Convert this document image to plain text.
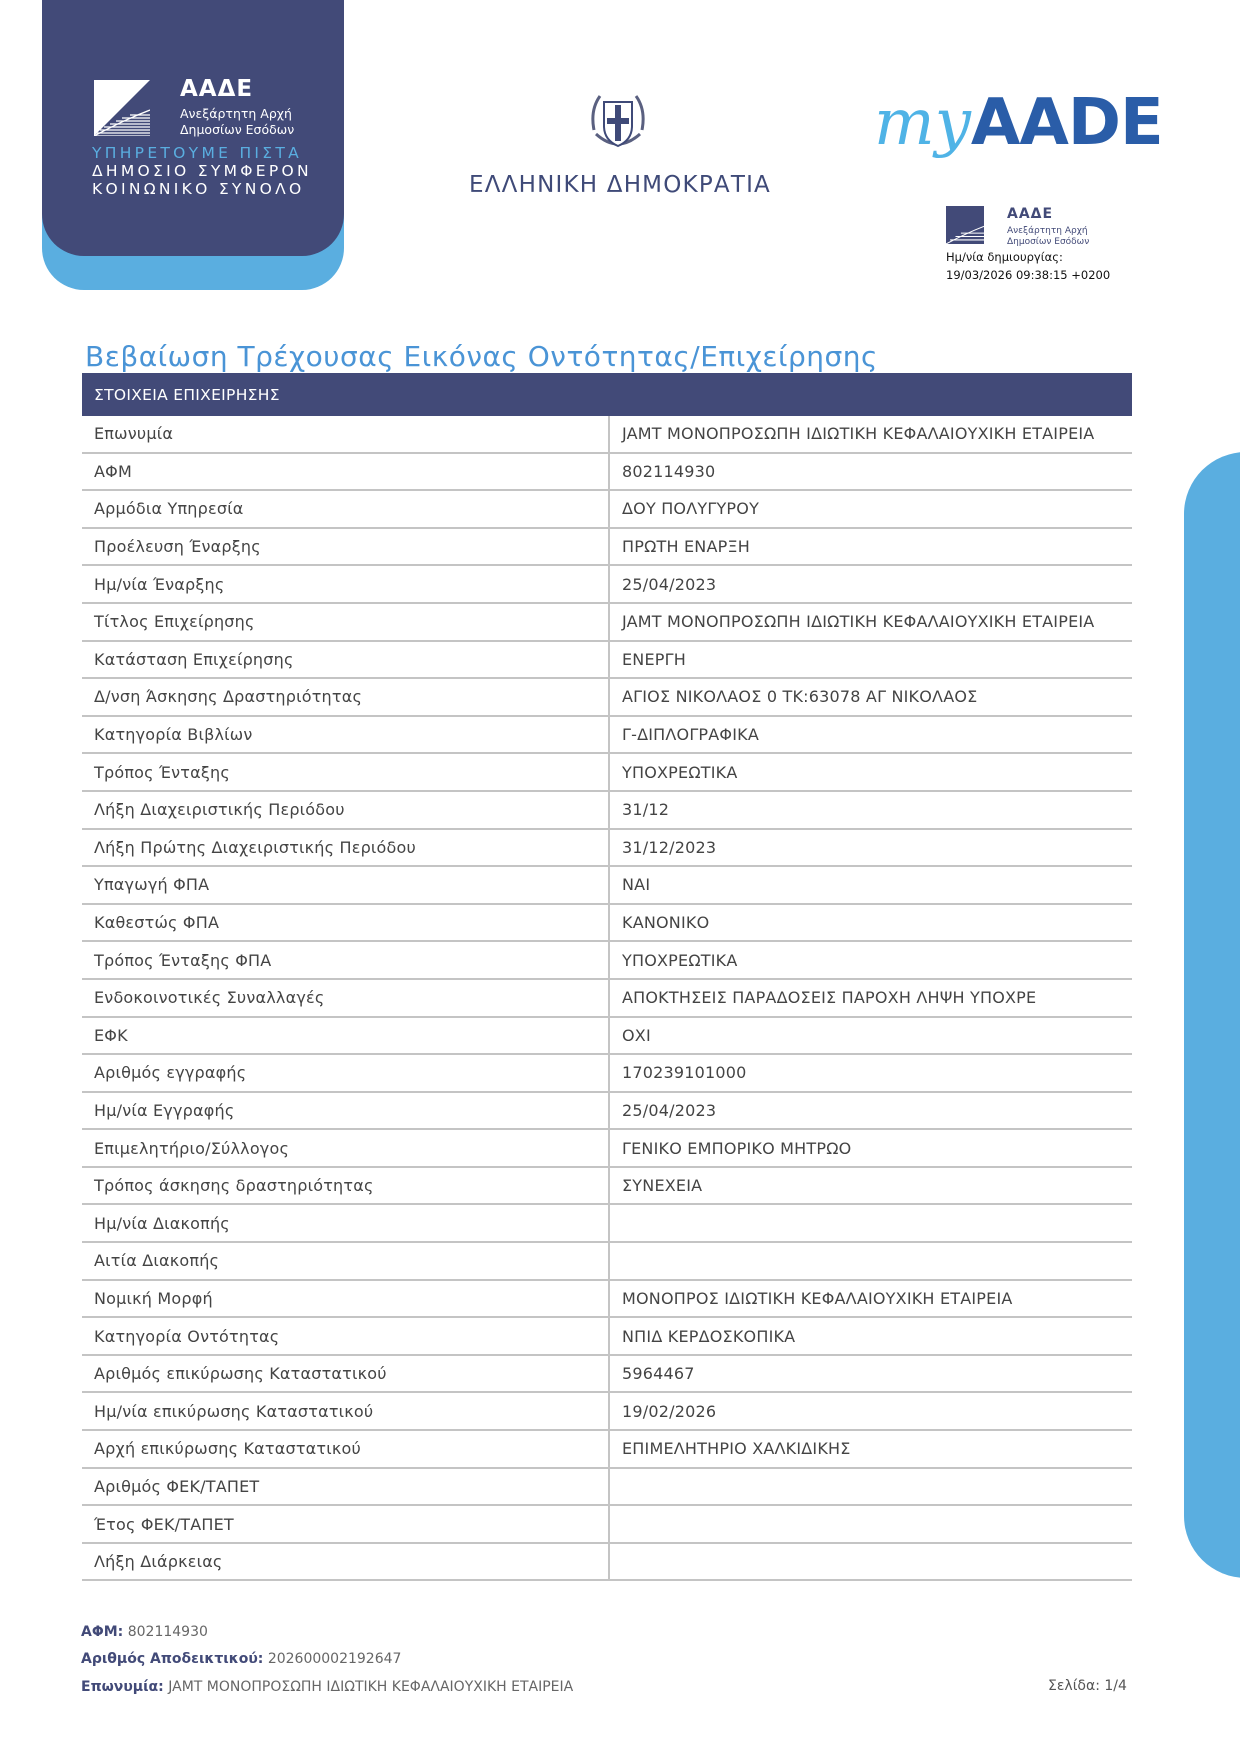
ΑΑΔΕ
Ανεξάρτητη Αρχή
Δημοσίων Εσόδων
ΥΠΗΡΕΤΟΥΜΕ ΠΙΣΤΑ
ΔΗΜΟΣΙΟ ΣΥΜΦΕΡΟΝ
ΚΟΙΝΩΝΙΚΟ ΣΥΝΟΛΟ	ΕΛΛΗΝΙΚΗ ΔΗΜΟΚΡΑΤΙΑ
myAADE
ΑΑΔΕ
Ανεξάρτητη Αρχή
Δημοσίων Εσόδων
Ημ/νία δημιουργίας:
19/03/2026 09:38:15 +0200
Βεβαίωση Τρέχουσας Εικόνας Οντότητας/Επιχείρησης
ΣΤΟΙΧΕΙΑ ΕΠΙΧΕΙΡΗΣΗΣ	
Επωνυμία	JAMT ΜΟΝΟΠΡΟΣΩΠΗ ΙΔΙΩΤΙΚΗ ΚΕΦΑΛΑΙΟΥΧΙΚΗ ΕΤΑΙΡΕΙΑ
ΑΦΜ	802114930
Αρμόδια Υπηρεσία	ΔΟΥ ΠΟΛΥΓΥΡΟΥ
Προέλευση Έναρξης	ΠΡΩΤΗ ΕΝΑΡΞΗ
Ημ/νία Έναρξης	25/04/2023
Τίτλος Επιχείρησης	JAMT ΜΟΝΟΠΡΟΣΩΠΗ ΙΔΙΩΤΙΚΗ ΚΕΦΑΛΑΙΟΥΧΙΚΗ ΕΤΑΙΡΕΙΑ
Κατάσταση Επιχείρησης	ΕΝΕΡΓΗ
Δ/νση Άσκησης Δραστηριότητας	ΑΓΙΟΣ ΝΙΚΟΛΑΟΣ 0 ΤΚ:63078 ΑΓ ΝΙΚΟΛΑΟΣ
Κατηγορία Βιβλίων	Γ-ΔΙΠΛΟΓΡΑΦΙΚΑ
Τρόπος Ένταξης	ΥΠΟΧΡΕΩΤΙΚΑ
Λήξη Διαχειριστικής Περιόδου	31/12
Λήξη Πρώτης Διαχειριστικής Περιόδου	31/12/2023
Υπαγωγή ΦΠΑ	ΝΑΙ
Καθεστώς ΦΠΑ	ΚΑΝΟΝΙΚΟ
Τρόπος Ένταξης ΦΠΑ	ΥΠΟΧΡΕΩΤΙΚΑ
Ενδοκοινοτικές Συναλλαγές	ΑΠΟΚΤΗΣΕΙΣ ΠΑΡΑΔΟΣΕΙΣ ΠΑΡΟΧΗ ΛΗΨΗ ΥΠΟΧΡΕ
ΕΦΚ	ΟΧΙ
Αριθμός εγγραφής	170239101000
Ημ/νία Εγγραφής	25/04/2023
Επιμελητήριο/Σύλλογος	ΓΕΝΙΚΟ ΕΜΠΟΡΙΚΟ ΜΗΤΡΩΟ
Τρόπος άσκησης δραστηριότητας	ΣΥΝΕΧΕΙΑ
Ημ/νία Διακοπής	
Αιτία Διακοπής	
Νομική Μορφή	ΜΟΝΟΠΡΟΣ ΙΔΙΩΤΙΚΗ ΚΕΦΑΛΑΙΟΥΧΙΚΗ ΕΤΑΙΡΕΙΑ
Κατηγορία Οντότητας	ΝΠΙΔ ΚΕΡΔΟΣΚΟΠΙΚΑ
Αριθμός επικύρωσης Καταστατικού	5964467
Ημ/νία επικύρωσης Καταστατικού	19/02/2026
Αρχή επικύρωσης Καταστατικού	ΕΠΙΜΕΛΗΤΗΡΙΟ ΧΑΛΚΙΔΙΚΗΣ
Αριθμός ΦΕΚ/ΤΑΠΕΤ	
Έτος ΦΕΚ/ΤΑΠΕΤ	
Λήξη Διάρκειας	
ΑΦΜ: 802114930
Αριθμός Αποδεικτικού: 202600002192647
Επωνυμία: JAMT ΜΟΝΟΠΡΟΣΩΠΗ ΙΔΙΩΤΙΚΗ ΚΕΦΑΛΑΙΟΥΧΙΚΗ ΕΤΑΙΡΕΙΑ	Σελίδα: 1/4
